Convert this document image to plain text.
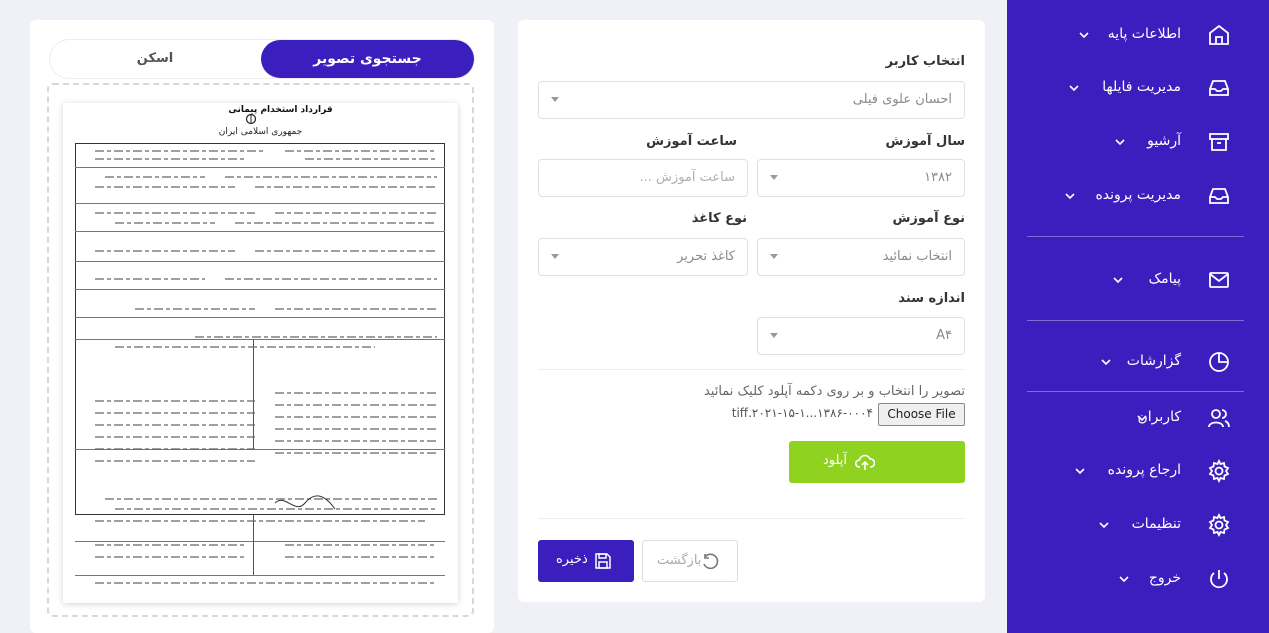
اطلاعات پایه
مدیریت فایلها
آرشیو
مدیریت پرونده
پیامک
گزارشات
کاربران
ارجاع پرونده
تنظیمات
خروج
انتخاب کاربر
احسان علوی فیلی
سال آموزش
ساعت آموزش
۱۳۸۲
ساعت آموزش ...
نوع آموزش
نوع کاغذ
انتخاب نمائید
کاغذ تحریر
اندازه سند
A۴
تصویر را انتخاب و بر روی دکمه آپلود کلیک نمائید
Choose File
tiff.۲۰۲۱-۱۵-۱...۱۳۸۶-۰۰۰۴
آپلود
بازگشت
ذخیره
جستجوی تصویر
اسکن
جمهوری اسلامی ایران
قرارداد استخدام پیمانی
